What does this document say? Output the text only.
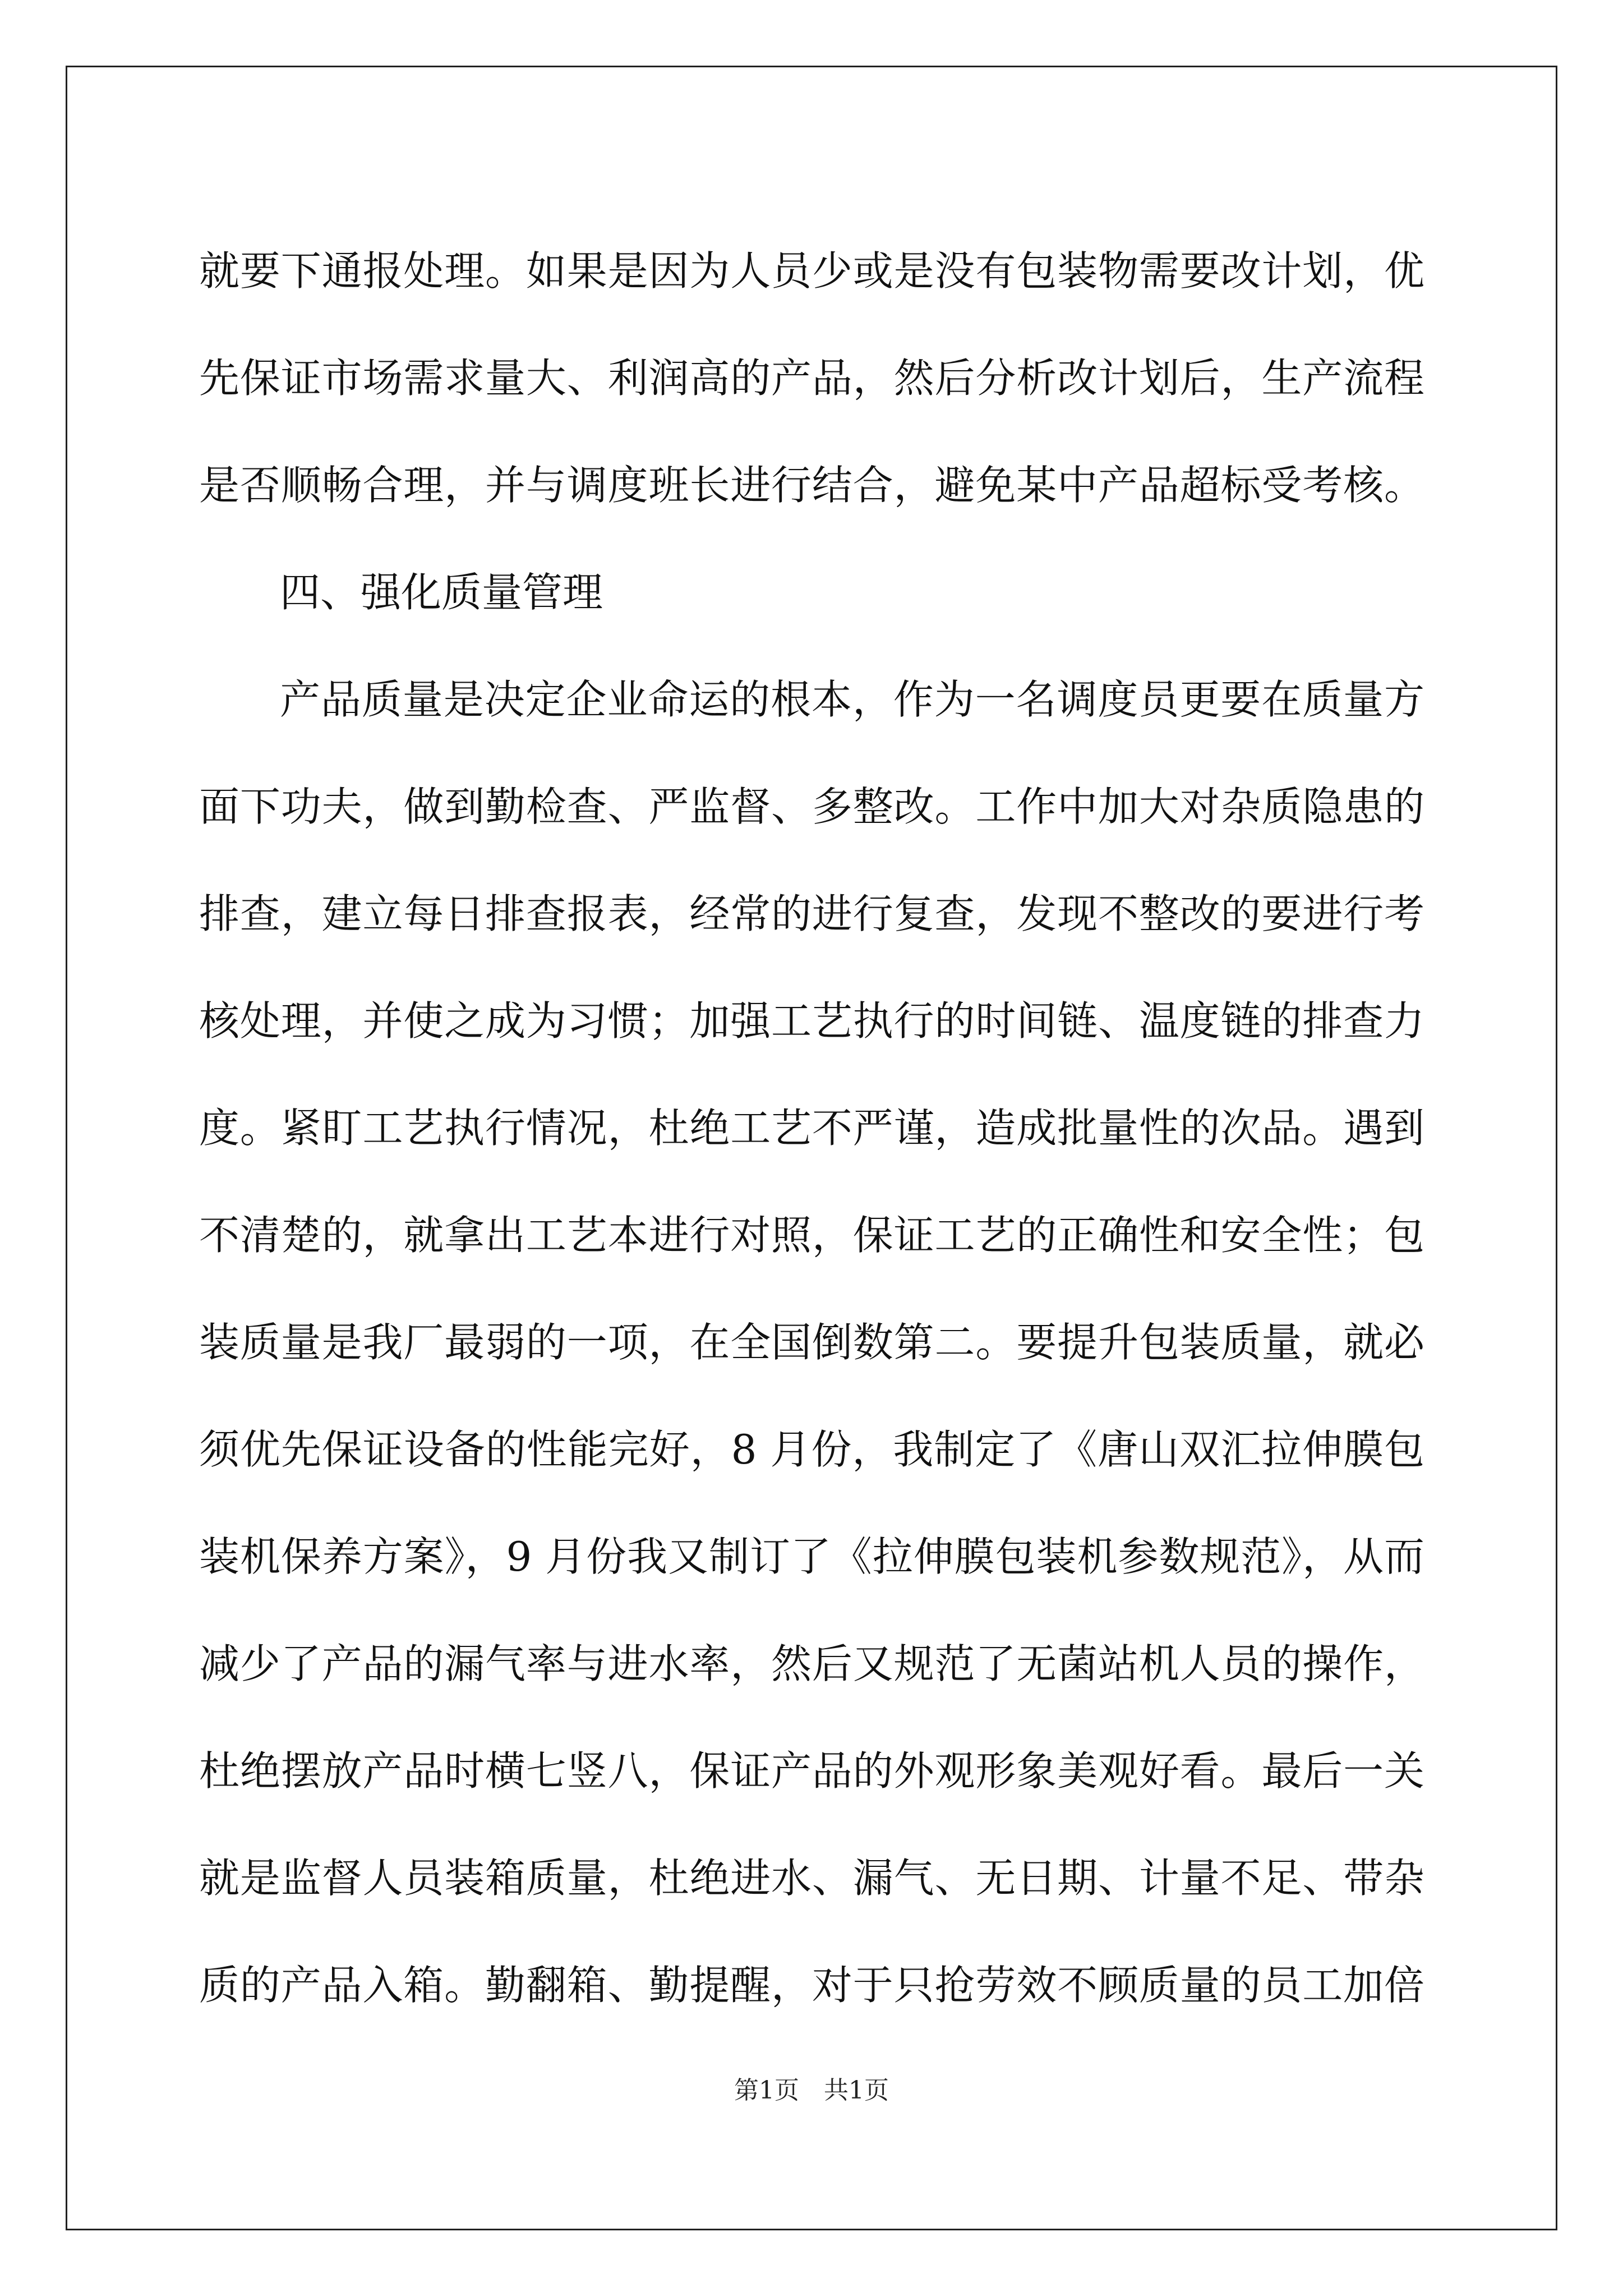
就要下通报处理。如果是因为人员少或是没有包装物需要改计划，优
先保证市场需求量大、利润高的产品，然后分析改计划后，生产流程
是否顺畅合理，并与调度班长进行结合，避免某中产品超标受考核。
四、强化质量管理
产品质量是决定企业命运的根本，作为一名调度员更要在质量方
面下功夫，做到勤检查、严监督、多整改。工作中加大对杂质隐患的
排查，建立每日排查报表，经常的进行复查，发现不整改的要进行考
核处理，并使之成为习惯；加强工艺执行的时间链、温度链的排查力
度。紧盯工艺执行情况，杜绝工艺不严谨，造成批量性的次品。遇到
不清楚的，就拿出工艺本进行对照，保证工艺的正确性和安全性；包
装质量是我厂最弱的一项，在全国倒数第二。要提升包装质量，就必
须优先保证设备的性能完好，8 月份，我制定了《唐山双汇拉伸膜包
装机保养方案》，9 月份我又制订了《拉伸膜包装机参数规范》，从而
减少了产品的漏气率与进水率，然后又规范了无菌站机人员的操作，
杜绝摆放产品时横七竖八，保证产品的外观形象美观好看。最后一关
就是监督人员装箱质量，杜绝进水、漏气、无日期、计量不足、带杂
质的产品入箱。勤翻箱、勤提醒，对于只抢劳效不顾质量的员工加倍
第1页　共1页
